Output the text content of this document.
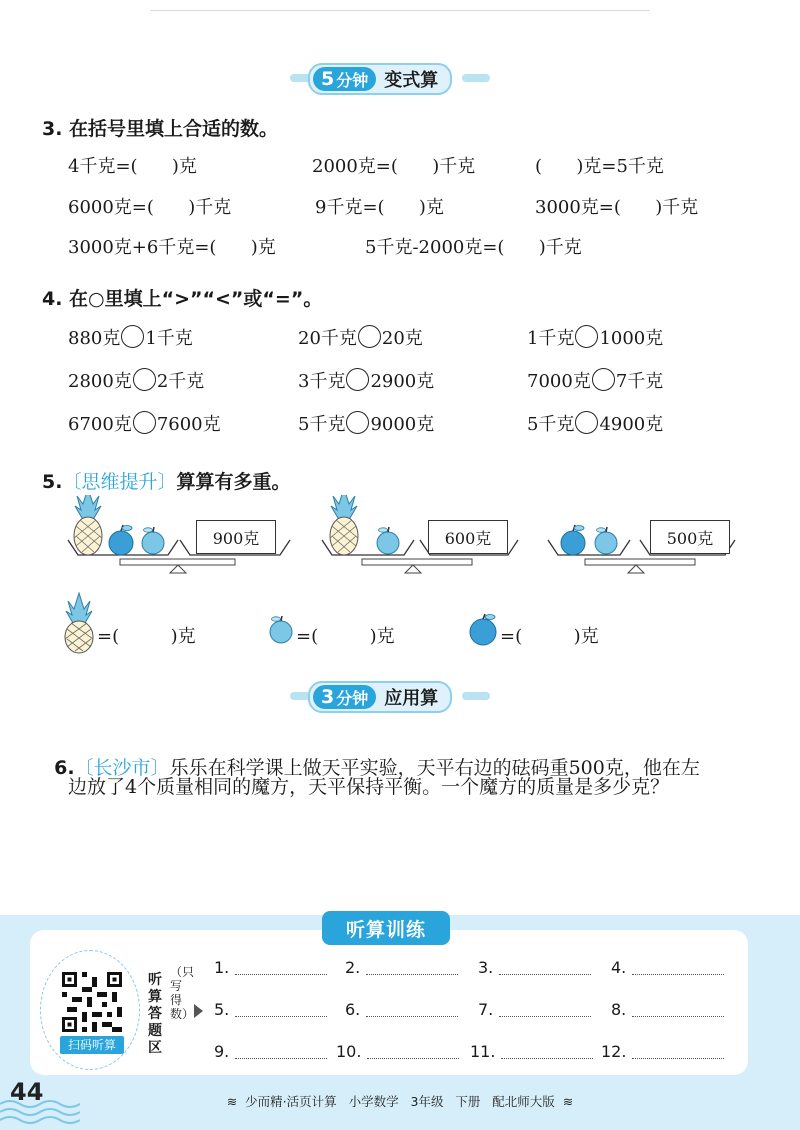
5 分钟 变式算
3. 在括号里填上合适的数。
4千克=(      )克	2000克=(      )千克	(      )克=5千克
6000克=(      )千克	9千克=(      )克	3000克=(      )千克
3000克+6千克=(      )克	5千克-2000克=(      )千克
4. 在○里填上“>”“<”或“=”。
880克 1千克	20千克 20克	1千克 1000克
2800克 2千克	3千克 2900克	7000克 7千克
6700克 7600克	5千克 9000克	5千克 4900克
5.〔思维提升〕算算有多重。
900克	600克	500克
=(         )克	=(         )克	=(         )克
3 分钟 应用算

6.〔长沙市〕乐乐在科学课上做天平实验，天平右边的砝码重500克，他在左

边放了4个质量相同的魔方，天平保持平衡。一个魔方的质量是多少克？
听算训练
扫码听算
听算答题区
（只写得数）
1.	2.	3.	4.
5.	6.	7.	8.
9.	10.	11.	12.
44	≋  少而精·活页计算   小学数学   3年级   下册   配北师大版  ≋
